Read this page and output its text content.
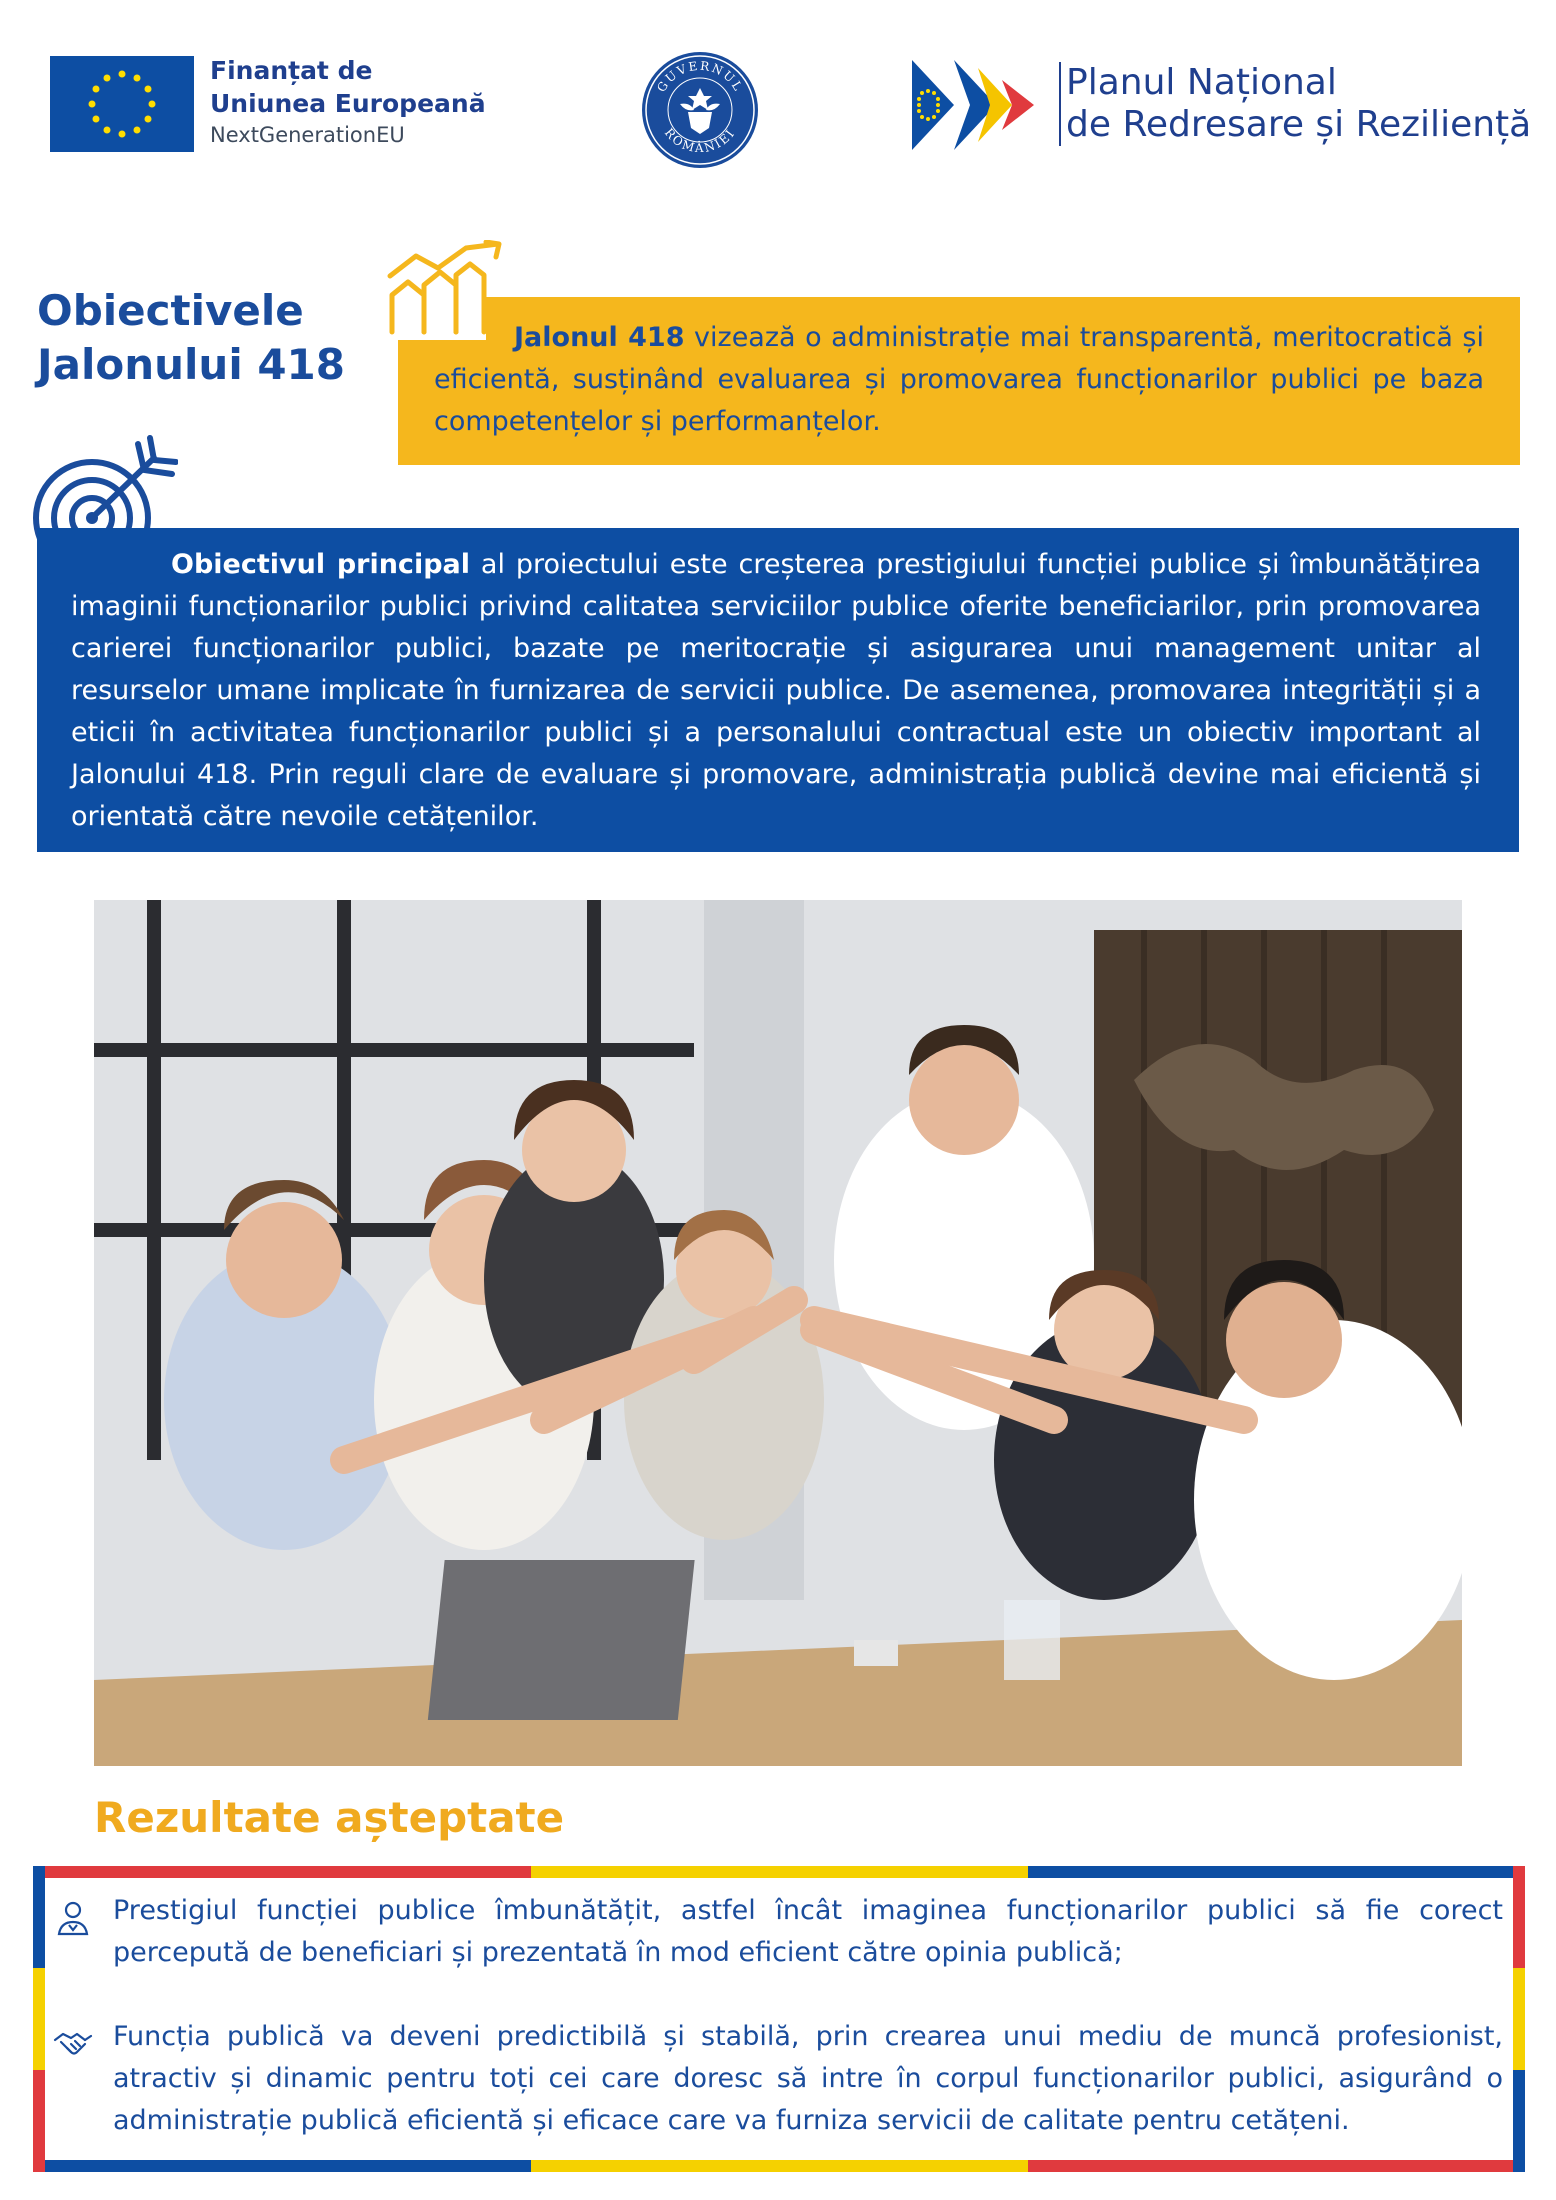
Finanțat de
Uniunea Europeană
NextGenerationEU
GUVERNUL
ROMÂNIEI
Planul Național
de Redresare și Reziliență
Obiectivele
Jalonului 418
Jalonul 418 vizează o administrație mai transparentă, meritocratică și eficientă, susținând evaluarea și promovarea funcționarilor publici pe baza competențelor și performanțelor.
Obiectivul principal al proiectului este creșterea prestigiului funcției publice și îmbunătățirea imaginii funcționarilor publici privind calitatea serviciilor publice oferite beneficiarilor, prin promovarea carierei funcționarilor publici, bazate pe meritocrație și asigurarea unui management unitar al resurselor umane implicate în furnizarea de servicii publice. De asemenea, promovarea integrității și a eticii în activitatea funcționarilor publici și a personalului contractual este un obiectiv important al Jalonului 418. Prin reguli clare de evaluare și promovare, administrația publică devine mai eficientă și orientată către nevoile cetățenilor.
Rezultate așteptate
Prestigiul funcției publice îmbunătățit, astfel încât imaginea funcționarilor publici să fie corect percepută de beneficiari și prezentată în mod eficient către opinia publică;
Funcția publică va deveni predictibilă și stabilă, prin crearea unui mediu de muncă profesionist, atractiv și dinamic pentru toți cei care doresc să intre în corpul funcționarilor publici, asigurând o administrație publică eficientă și eficace care va furniza servicii de calitate pentru cetățeni.
